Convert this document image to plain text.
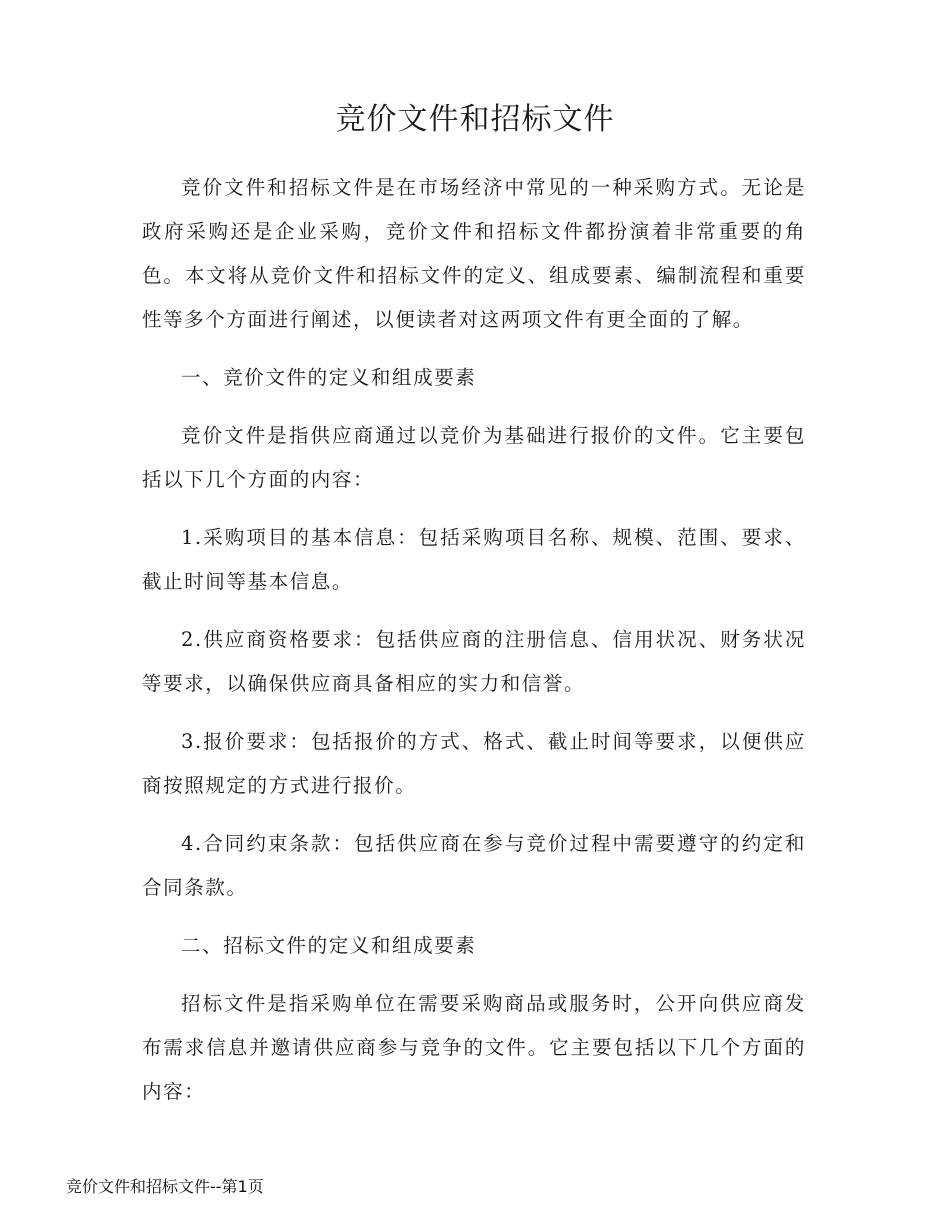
竞价文件和招标文件

竞价文件和招标文件是在市场经济中常见的一种采购方式。无论是政府采购还是企业采购，竞价文件和招标文件都扮演着非常重要的角色。本文将从竞价文件和招标文件的定义、组成要素、编制流程和重要性等多个方面进行阐述，以便读者对这两项文件有更全面的了解。

一、竞价文件的定义和组成要素

竞价文件是指供应商通过以竞价为基础进行报价的文件。它主要包括以下几个方面的内容：

1.采购项目的基本信息：包括采购项目名称、规模、范围、要求、截止时间等基本信息。

2.供应商资格要求：包括供应商的注册信息、信用状况、财务状况等要求，以确保供应商具备相应的实力和信誉。

3.报价要求：包括报价的方式、格式、截止时间等要求，以便供应商按照规定的方式进行报价。

4.合同约束条款：包括供应商在参与竞价过程中需要遵守的约定和合同条款。

二、招标文件的定义和组成要素

招标文件是指采购单位在需要采购商品或服务时，公开向供应商发布需求信息并邀请供应商参与竞争的文件。它主要包括以下几个方面的内容：

竞价文件和招标文件--第1页
